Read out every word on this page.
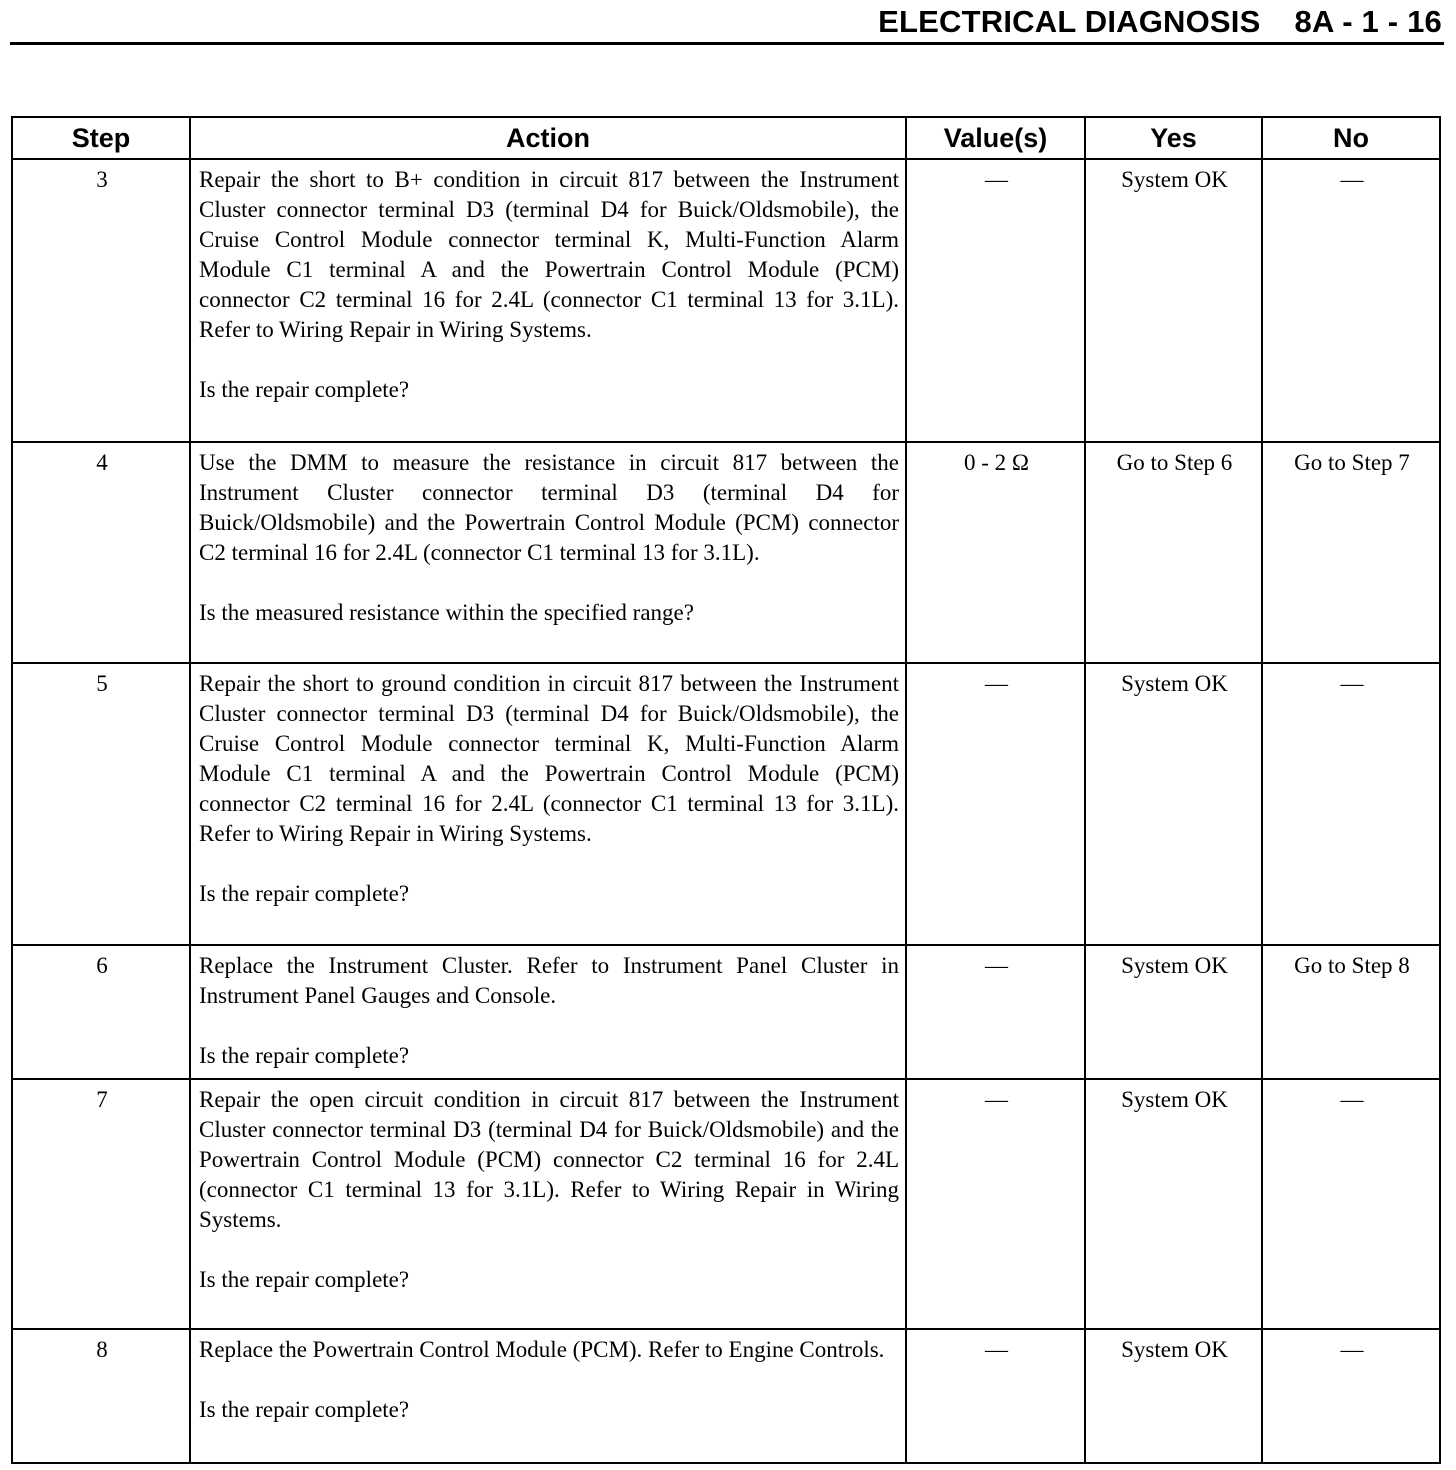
ELECTRICAL DIAGNOSIS 8A - 1 - 16
Step	Action	Value(s)	Yes	No
3	Repair the short to B+ condition in circuit 817 between the Instrument Cluster connector terminal D3 (terminal D4 for Buick/Oldsmobile), the Cruise Control Module connector terminal K, Multi-Function Alarm Module C1 terminal A and the Powertrain Control Module (PCM) connector C2 terminal 16 for 2.4L (connector C1 terminal 13 for 3.1L). Refer to Wiring Repair in Wiring Systems.
Is the repair complete?	—	System OK	—
4	Use the DMM to measure the resistance in circuit 817 between the Instrument Cluster connector terminal D3 (terminal D4 for Buick/Oldsmobile) and the Powertrain Control Module (PCM) connector C2 terminal 16 for 2.4L (connector C1 terminal 13 for 3.1L).
Is the measured resistance within the specified range?	0 - 2 Ω	Go to Step 6	Go to Step 7
5	Repair the short to ground condition in circuit 817 between the Instrument Cluster connector terminal D3 (terminal D4 for Buick/Oldsmobile), the Cruise Control Module connector terminal K, Multi-Function Alarm Module C1 terminal A and the Powertrain Control Module (PCM) connector C2 terminal 16 for 2.4L (connector C1 terminal 13 for 3.1L). Refer to Wiring Repair in Wiring Systems.
Is the repair complete?	—	System OK	—
6	Replace the Instrument Cluster. Refer to Instrument Panel Cluster in Instrument Panel Gauges and Console.
Is the repair complete?	—	System OK	Go to Step 8
7	Repair the open circuit condition in circuit 817 between the Instrument Cluster connector terminal D3 (terminal D4 for Buick/Oldsmobile) and the Powertrain Control Module (PCM) connector C2 terminal 16 for 2.4L (connector C1 terminal 13 for 3.1L). Refer to Wiring Repair in Wiring Systems.
Is the repair complete?	—	System OK	—
8	Replace the Powertrain Control Module (PCM). Refer to Engine Controls.
Is the repair complete?	—	System OK	—
